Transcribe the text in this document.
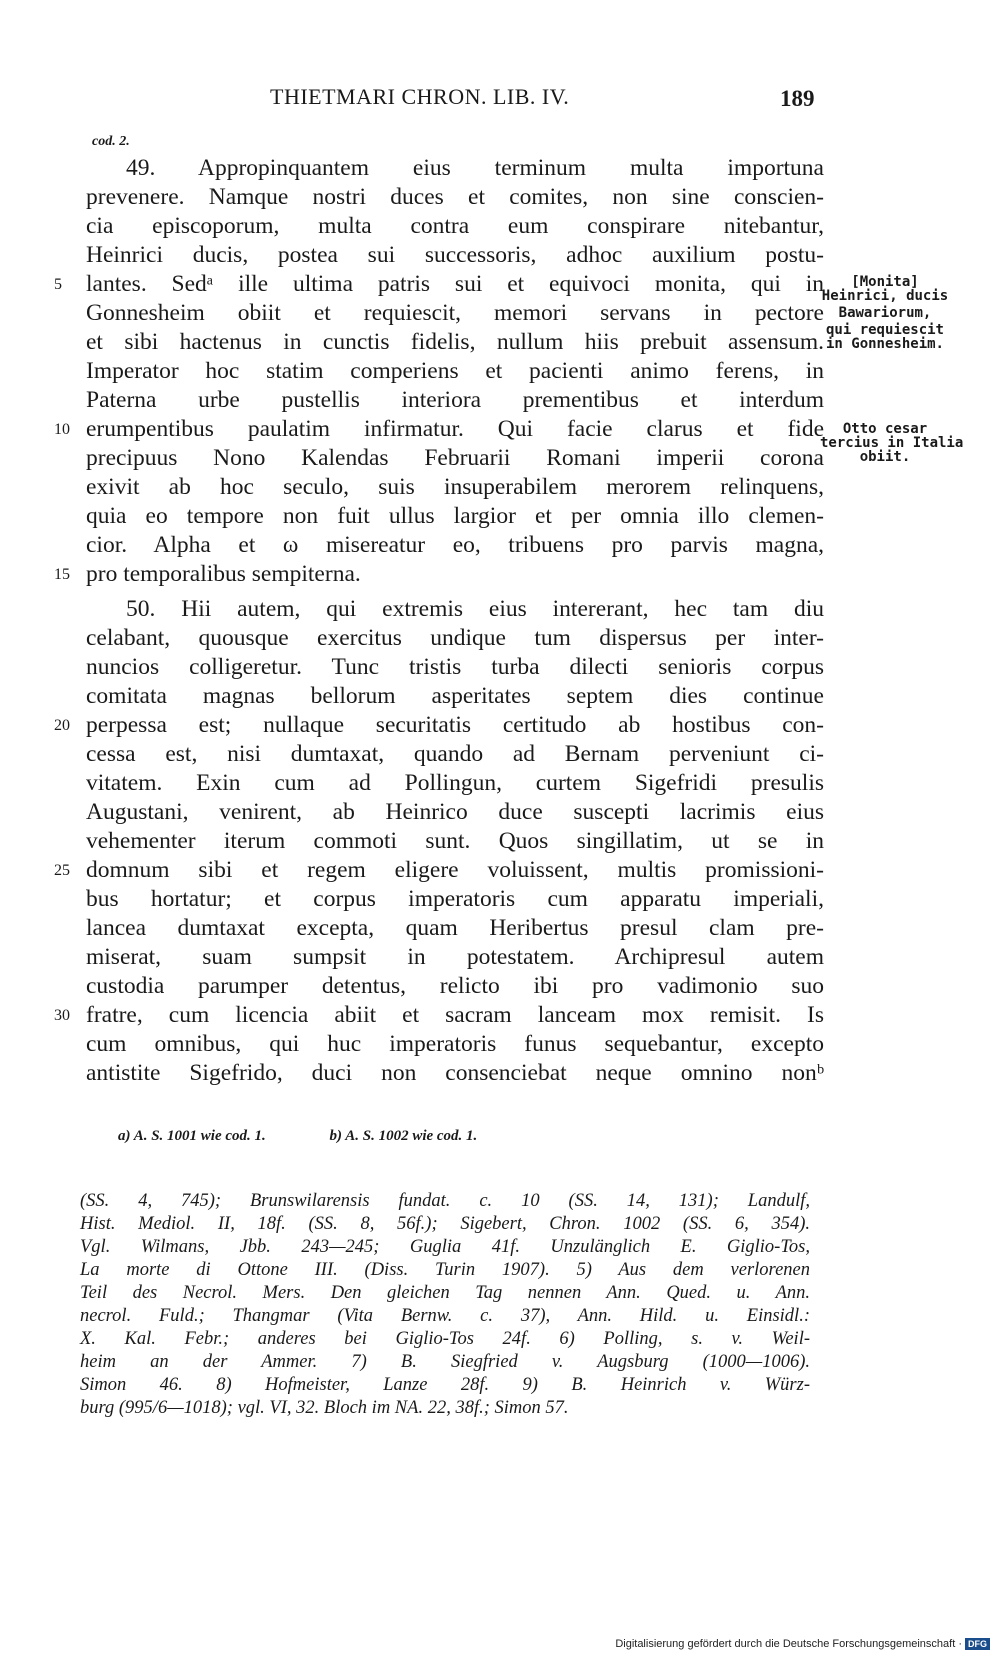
THIETMARI CHRON. LIB. IV.	189
cod. 2.
49. Appropinquantem eius terminum multa importuna
prevenere. Namque nostri duces et comites, non sine conscien-
cia episcoporum, multa contra eum conspirare nitebantur,
Heinrici ducis, postea sui successoris, adhoc auxilium postu-
5	lantes. Sedᵃ ille ultima patris sui et equivoci monita, qui in
Gonnesheim obiit et requiescit, memori servans in pectore
et sibi hactenus in cunctis fidelis, nullum hiis prebuit assensum.
Imperator hoc statim comperiens et pacienti animo ferens, in
Paterna urbe pustellis interiora prementibus et interdum
10 erumpentibus paulatim infirmatur. Qui facie clarus et fide
precipuus Nono Kalendas Februarii Romani imperii corona
exivit ab hoc seculo, suis insuperabilem merorem relinquens,
quia eo tempore non fuit ullus largior et per omnia illo clemen-
cior. Alpha et ω misereatur eo, tribuens pro parvis magna,
15 pro temporalibus sempiterna.
50. Hii autem, qui extremis eius intererant, hec tam diu
celabant, quousque exercitus undique tum dispersus per inter-
nuncios colligeretur. Tunc tristis turba dilecti senioris corpus
comitata magnas bellorum asperitates septem dies continue
20 perpessa est; nullaque securitatis certitudo ab hostibus con-
cessa est, nisi dumtaxat, quando ad Bernam perveniunt ci-
vitatem. Exin cum ad Pollingun, curtem Sigefridi presulis
Augustani, venirent, ab Heinrico duce suscepti lacrimis eius
vehementer iterum commoti sunt. Quos singillatim, ut se in
25 domnum sibi et regem eligere voluissent, multis promissioni-
bus hortatur; et corpus imperatoris cum apparatu imperiali,
lancea dumtaxat excepta, quam Heribertus presul clam pre-
miserat, suam sumpsit in potestatem. Archipresul autem
custodia parumper detentus, relicto ibi pro vadimonio suo
30 fratre, cum licencia abiit et sacram lanceam mox remisit. Is
cum omnibus, qui huc imperatoris funus sequebantur, excepto
antistite Sigefrido, duci non consenciebat neque omnino nonᵇ
[Monita]
Heinrici, ducis
Bawariorum,
qui requiescit
in Gonnesheim.
Otto cesar
tercius in Italia
obiit.
a) A. S. 1001 wie cod. 1.	b) A. S. 1002 wie cod. 1.
(SS. 4, 745); Brunswilarensis fundat. c. 10 (SS. 14, 131); Landulf,
Hist. Mediol. II, 18f. (SS. 8, 56f.); Sigebert, Chron. 1002 (SS. 6, 354).
Vgl. Wilmans, Jbb. 243—245; Guglia 41f. Unzulänglich E. Giglio-Tos,
La morte di Ottone III. (Diss. Turin 1907). 5) Aus dem verlorenen
Teil des Necrol. Mers. Den gleichen Tag nennen Ann. Qued. u. Ann.
necrol. Fuld.; Thangmar (Vita Bernw. c. 37), Ann. Hild. u. Einsidl.:
X. Kal. Febr.; anderes bei Giglio-Tos 24f. 6) Polling, s. v. Weil-
heim an der Ammer. 7) B. Siegfried v. Augsburg (1000—1006).
Simon 46. 8) Hofmeister, Lanze 28f. 9) B. Heinrich v. Würz-
burg (995/6—1018); vgl. VI, 32. Bloch im NA. 22, 38f.; Simon 57.
Digitalisierung gefördert durch die Deutsche Forschungsgemeinschaft · DFG
